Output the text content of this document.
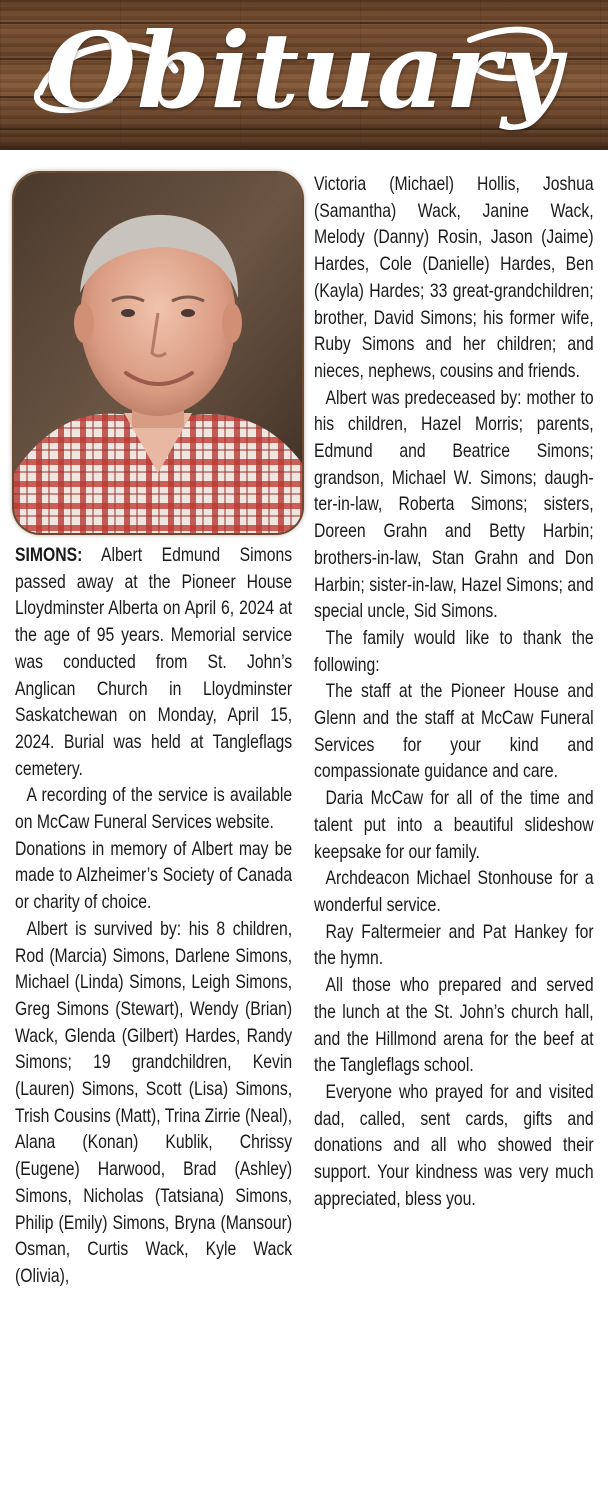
Obituary

SIMONS: Albert Edmund Simons passed away at the Pioneer House Lloydminster Alberta on April 6, 2024 at the age of 95 years. Memorial service was conducted from St. John’s Anglican Church in Lloydminster Saskatchewan on Monday, April 15, 2024. Burial was held at Tangleflags cemetery.

A recording of the service is available on McCaw Funeral Services website.

Donations in memory of Albert may be made to Alzheimer’s Society of Canada or charity of choice.

Albert is survived by: his 8 children, Rod (Marcia) Simons, Darlene Simons, Michael (Linda) Simons, Leigh Simons, Greg Simons (Stewart), Wendy (Brian) Wack, Glenda (Gilbert) Hardes, Randy Simons; 19 grandchildren, Kevin (Lauren) Simons, Scott (Lisa) Simons, Trish Cousins (Matt), Trina Zirrie (Neal), Alana (Konan) Kublik, Chrissy (Eugene) Harwood, Brad (Ashley) Simons, Nicholas (Tatsiana) Simons, Philip (Emily) Simons, Bryna (Mansour) Osman, Curtis Wack, Kyle Wack (Olivia),

Victoria (Michael) Hollis, Joshua (Samantha) Wack, Janine Wack, Melody (Danny) Rosin, Jason (Jaime) Hardes, Cole (Danielle) Hardes, Ben (Kayla) Hardes; 33 great-grandchildren; brother, David Simons; his former wife, Ruby Simons and her children; and nieces, nephews, cousins and friends.

Albert was predeceased by: mother to his children, Hazel Morris; parents, Edmund and Beatrice Simons; grandson, Michael W. Simons; daughter-in-law, Roberta Simons; sisters, Doreen Grahn and Betty Harbin; brothers-in-law, Stan Grahn and Don Harbin; sister-in-law, Hazel Simons; and special uncle, Sid Simons.

The family would like to thank the following:

The staff at the Pioneer House and Glenn and the staff at McCaw Funeral Services for your kind and compassionate guidance and care.

Daria McCaw for all of the time and talent put into a beautiful slideshow keepsake for our family.

Archdeacon Michael Stonhouse for a wonderful service.

Ray Faltermeier and Pat Hankey for the hymn.

All those who prepared and served the lunch at the St. John’s church hall, and the Hillmond arena for the beef at the Tangleflags school.

Everyone who prayed for and visited dad, called, sent cards, gifts and donations and all who showed their support. Your kindness was very much appreciated, bless you.
